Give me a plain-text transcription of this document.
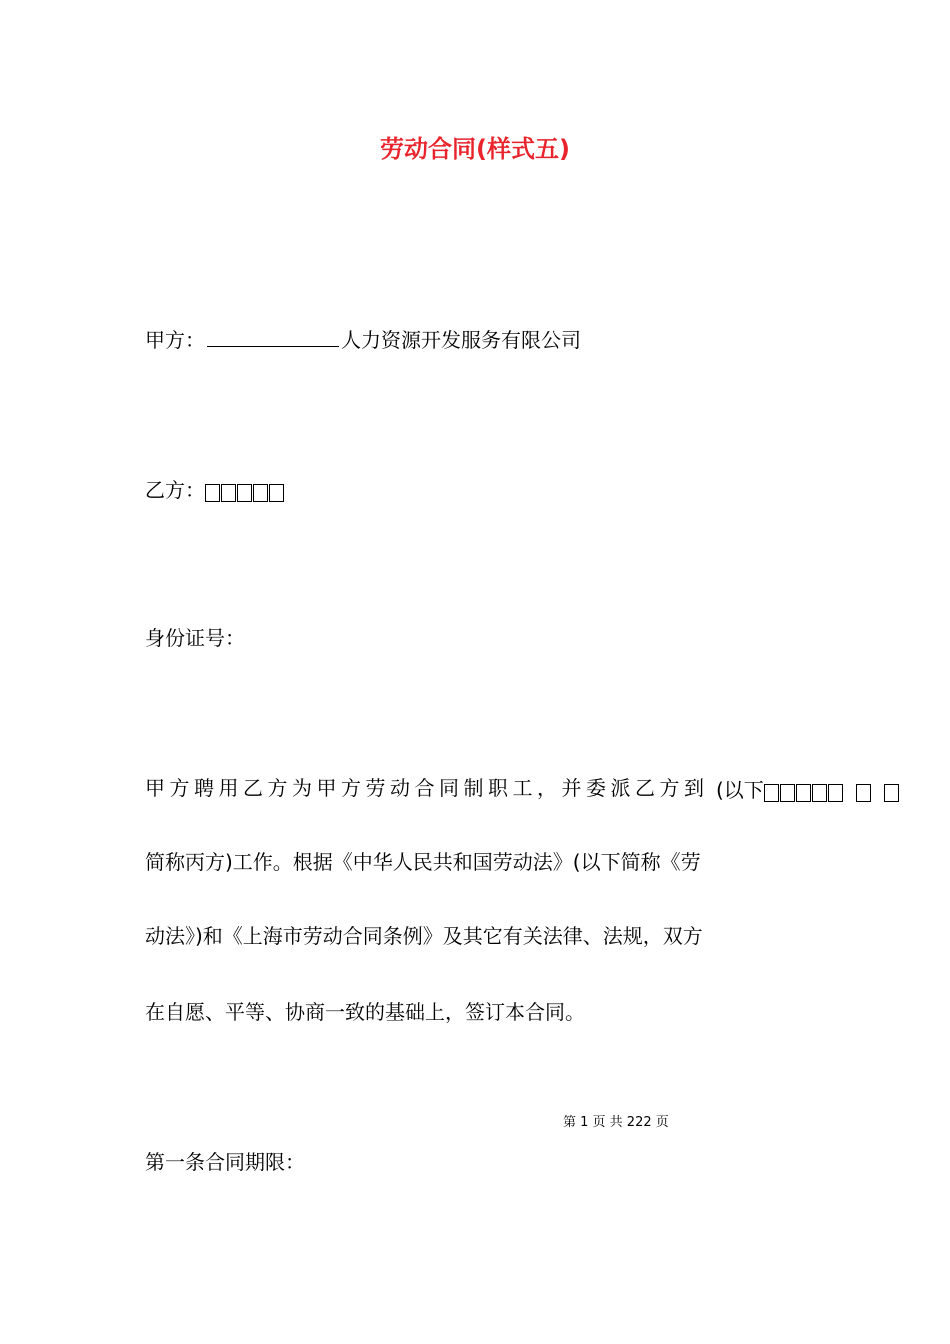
劳动合同(样式五)
甲方：	人力资源开发服务有限公司
乙方：
身份证号：
甲方聘用乙方为甲方劳动合同制职工，并委派乙方到 (以下
简称丙方)工作。根据《中华人民共和国劳动法》(以下简称《劳
动法》)和《上海市劳动合同条例》及其它有关法律、法规，双方
在自愿、平等、协商一致的基础上，签订本合同。
第 1 页 共 222 页
第一条合同期限：
